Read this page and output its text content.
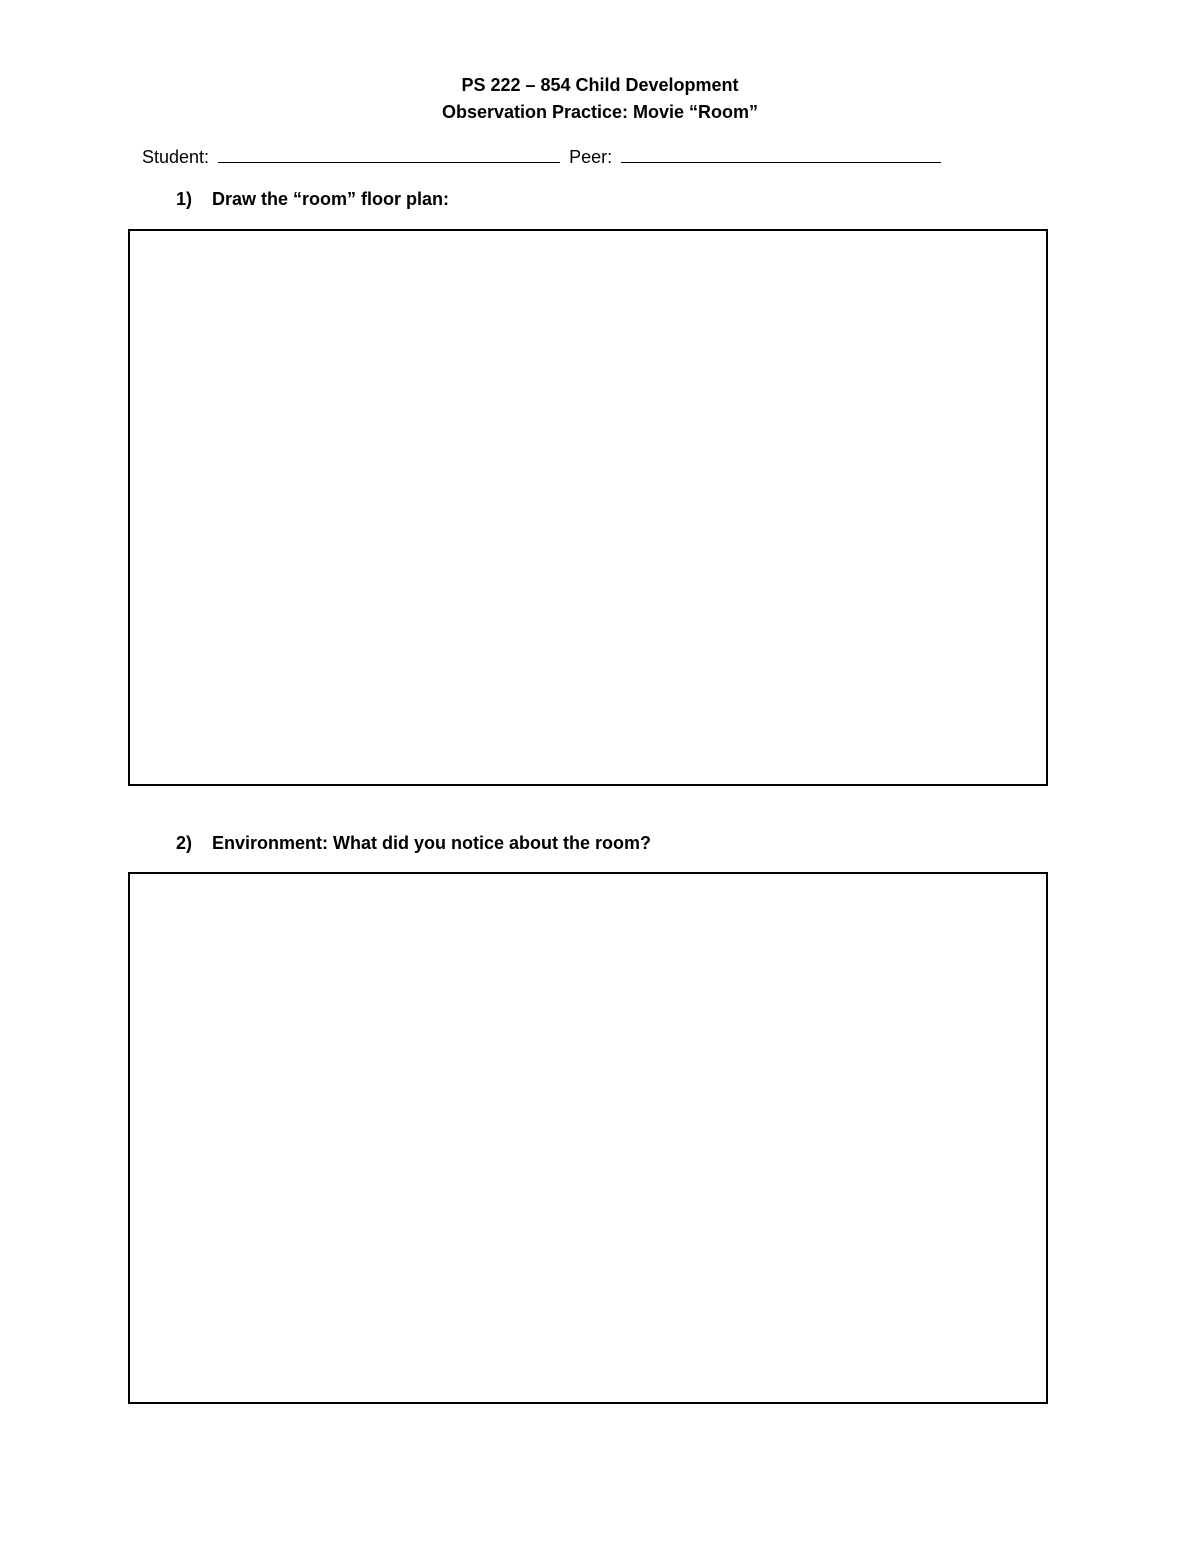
PS 222 – 854 Child Development
Observation Practice: Movie “Room”
Student:	Peer:
1) Draw the “room” floor plan:
2) Environment: What did you notice about the room?
